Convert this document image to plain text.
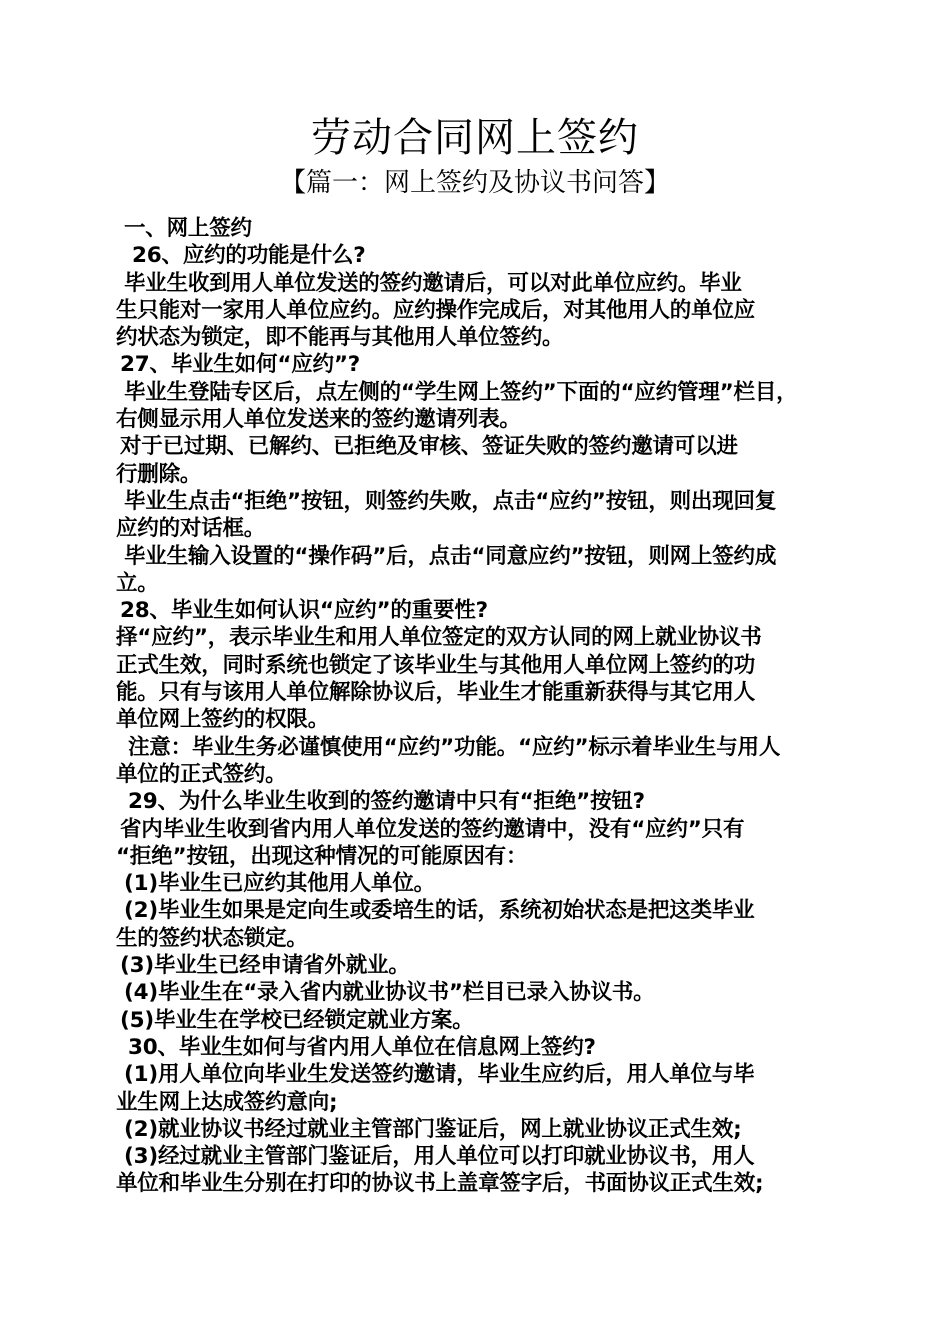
劳动合同网上签约
【篇一：网上签约及协议书问答】
一、网上签约
26、应约的功能是什么?
毕业生收到用人单位发送的签约邀请后，可以对此单位应约。毕业
生只能对一家用人单位应约。应约操作完成后，对其他用人的单位应
约状态为锁定，即不能再与其他用人单位签约。
27、毕业生如何“应约”?
毕业生登陆专区后，点左侧的“学生网上签约”下面的“应约管理”栏目，
右侧显示用人单位发送来的签约邀请列表。
对于已过期、已解约、已拒绝及审核、签证失败的签约邀请可以进
行删除。
毕业生点击“拒绝”按钮，则签约失败，点击“应约”按钮，则出现回复
应约的对话框。
毕业生输入设置的“操作码”后，点击“同意应约”按钮，则网上签约成
立。
28、毕业生如何认识“应约”的重要性?
择“应约”，表示毕业生和用人单位签定的双方认同的网上就业协议书
正式生效，同时系统也锁定了该毕业生与其他用人单位网上签约的功
能。只有与该用人单位解除协议后，毕业生才能重新获得与其它用人
单位网上签约的权限。
注意：毕业生务必谨慎使用“应约”功能。“应约”标示着毕业生与用人
单位的正式签约。
29、为什么毕业生收到的签约邀请中只有“拒绝”按钮?
省内毕业生收到省内用人单位发送的签约邀请中，没有“应约”只有
“拒绝”按钮，出现这种情况的可能原因有：
(1)毕业生已应约其他用人单位。
(2)毕业生如果是定向生或委培生的话，系统初始状态是把这类毕业
生的签约状态锁定。
(3)毕业生已经申请省外就业。
(4)毕业生在“录入省内就业协议书”栏目已录入协议书。
(5)毕业生在学校已经锁定就业方案。
30、毕业生如何与省内用人单位在信息网上签约?
(1)用人单位向毕业生发送签约邀请，毕业生应约后，用人单位与毕
业生网上达成签约意向;
(2)就业协议书经过就业主管部门鉴证后，网上就业协议正式生效;
(3)经过就业主管部门鉴证后，用人单位可以打印就业协议书，用人
单位和毕业生分别在打印的协议书上盖章签字后，书面协议正式生效;
